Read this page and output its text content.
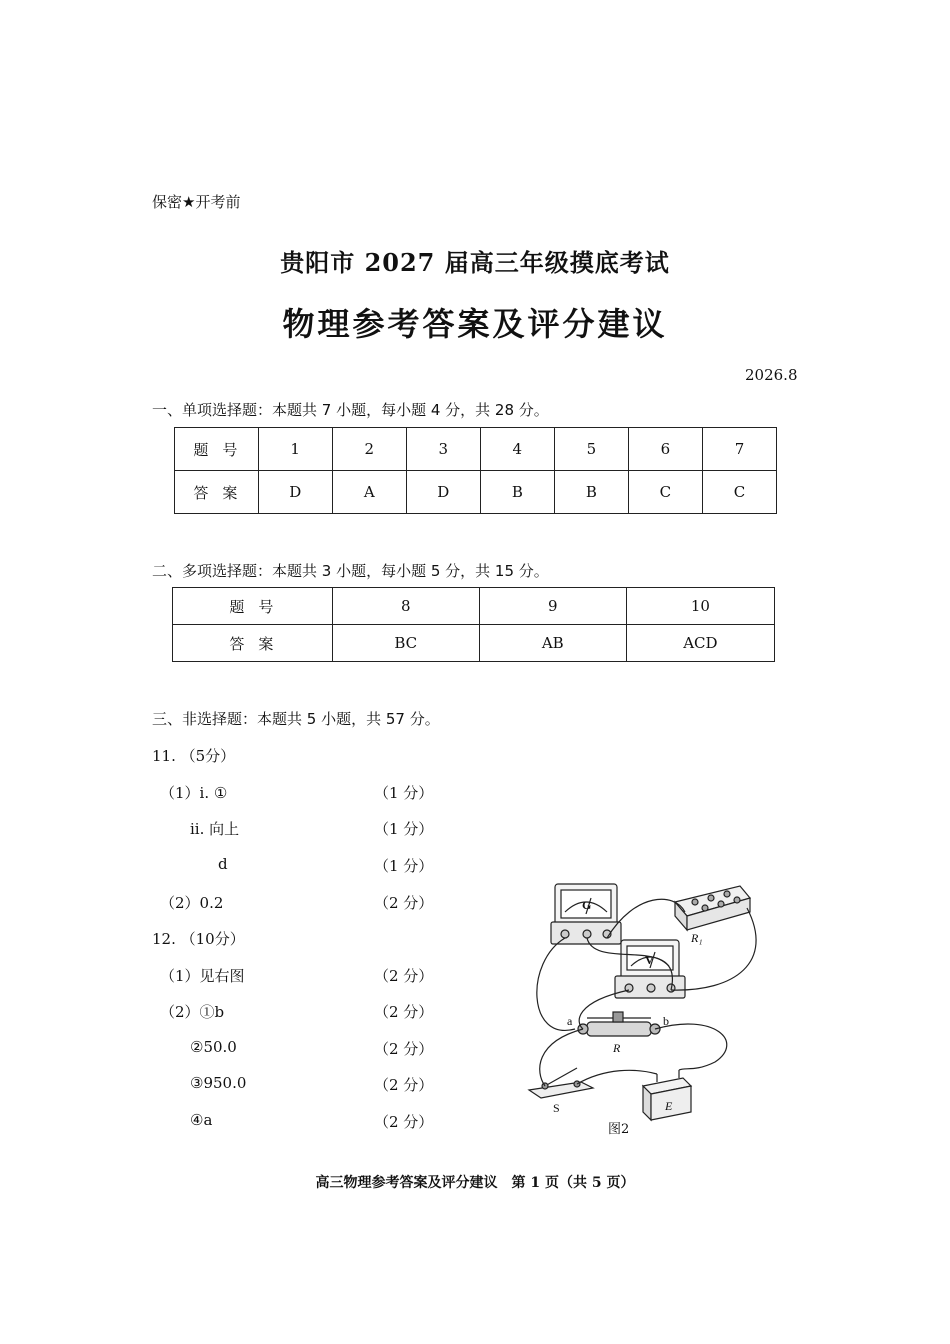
保密★开考前
贵阳市 2027 届高三年级摸底考试
物理参考答案及评分建议
2026.8
一、单项选择题：本题共 7 小题，每小题 4 分，共 28 分。
题号	1	2	3	4	5	6	7
答案	D	A	D	B	B	C	C
二、多项选择题：本题共 3 小题，每小题 5 分，共 15 分。
题号	8	9	10
答案	BC	AB	ACD
三、非选择题：本题共 5 小题，共 57 分。
11. （5分）
（1）i. ①	（1 分）
ii. 向上	（1 分）
d	（1 分）
（2）0.2	（2 分）
12. （10分）
（1）见右图	（2 分）
（2）①b	（2 分）
②50.0	（2 分）
③950.0	（2 分）
④a	（2 分）
G
V
R₁
R
a	b
S	E
图2
高三物理参考答案及评分建议　第 1 页（共 5 页）
